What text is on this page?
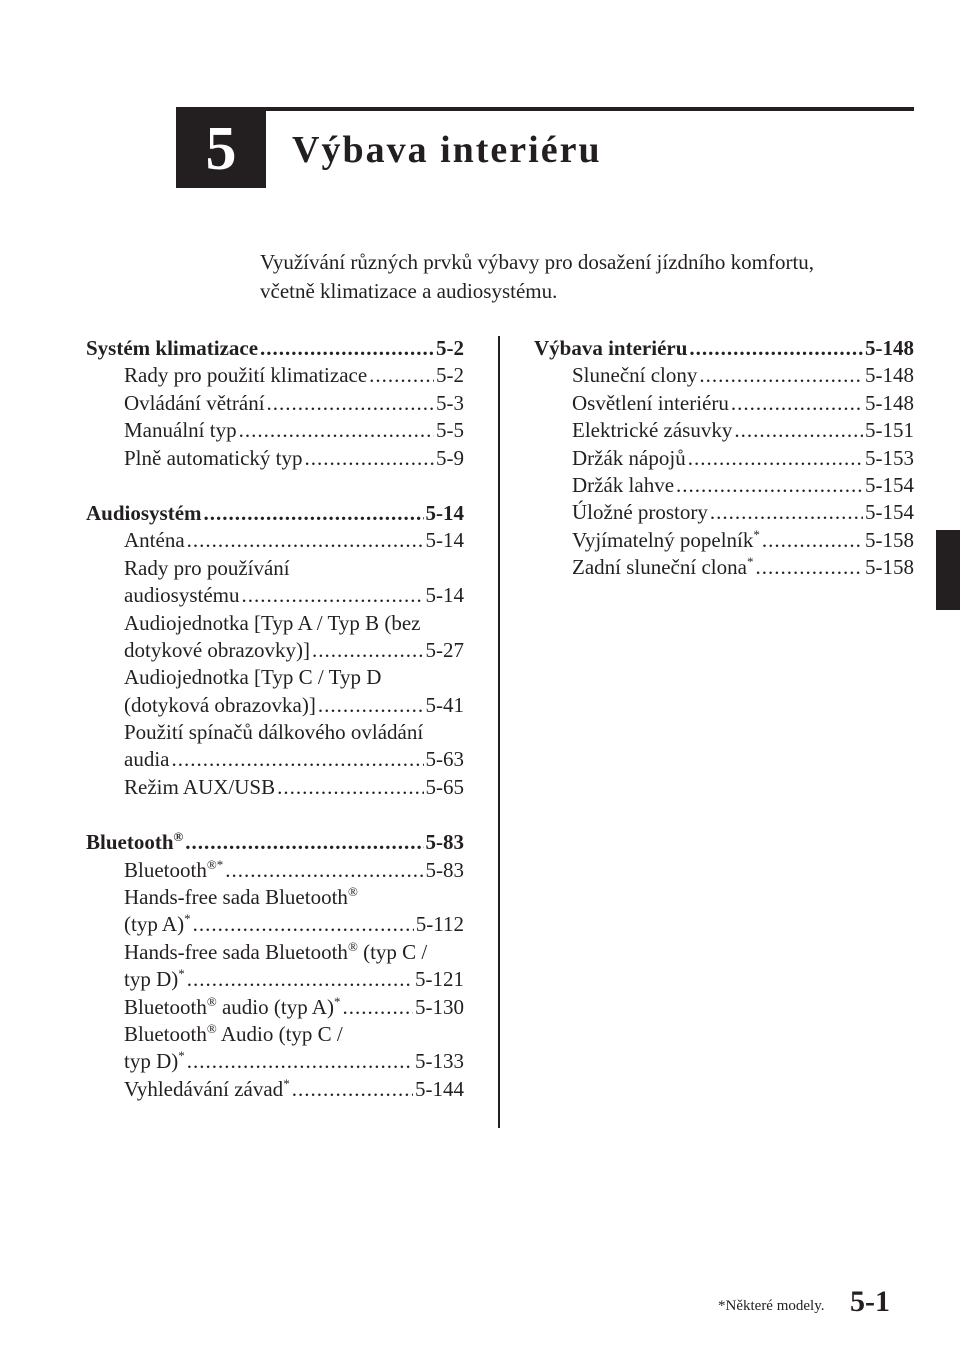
5	Výbava interiéru
Využívání různých prvků výbavy pro dosažení jízdního komfortu,
včetně klimatizace a audiosystému.
Systém klimatizace .....	5-2
Rady pro použití klimatizace .....	5-2
Ovládání větrání .....	5-3
Manuální typ .....	5-5
Plně automatický typ .....	5-9
Audiosystém .....	5-14
Anténa .....	5-14
Rady pro používání
audiosystému .....	5-14
Audiojednotka [Typ A / Typ B (bez
dotykové obrazovky)] .....	5-27
Audiojednotka [Typ C / Typ D
(dotyková obrazovka)] .....	5-41
Použití spínačů dálkového ovládání
audia .....	5-63
Režim AUX/USB .....	5-65
Bluetooth® .....	5-83
Bluetooth®* .....	5-83
Hands-free sada Bluetooth®
(typ A)* .....	5-112
Hands-free sada Bluetooth® (typ C /
typ D)* .....	5-121
Bluetooth® audio (typ A)* .....	5-130
Bluetooth® Audio (typ C /
typ D)* .....	5-133
Vyhledávání závad* .....	5-144
Výbava interiéru .....	5-148
Sluneční clony .....	5-148
Osvětlení interiéru .....	5-148
Elektrické zásuvky .....	5-151
Držák nápojů .....	5-153
Držák lahve .....	5-154
Úložné prostory .....	5-154
Vyjímatelný popelník* .....	5-158
Zadní sluneční clona* .....	5-158
*Některé modely. 5-1
